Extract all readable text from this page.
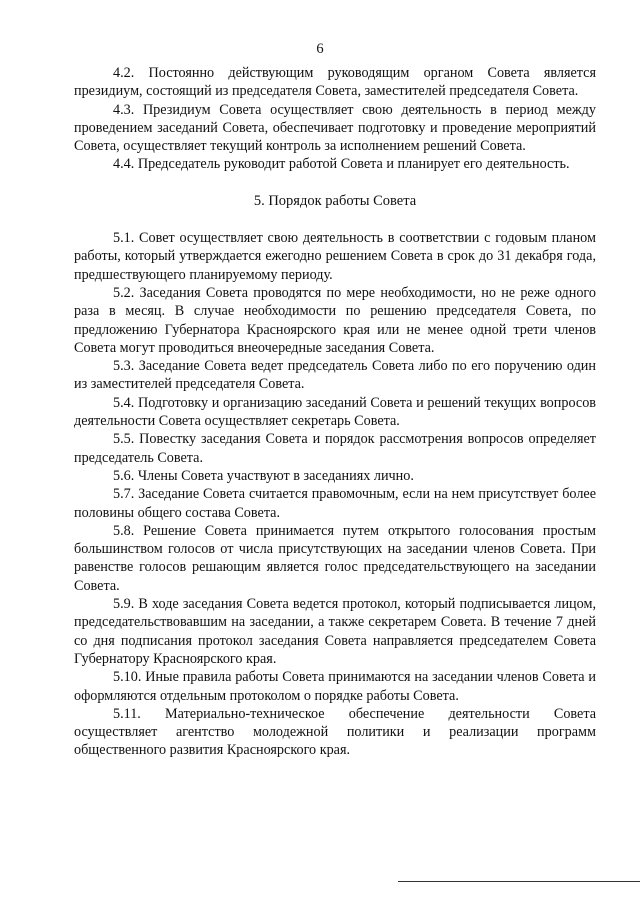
6

4.2. Постоянно действующим руководящим органом Совета является президиум, состоящий из председателя Совета, заместителей председателя Совета.

4.3. Президиум Совета осуществляет свою деятельность в период между проведением заседаний Совета, обеспечивает подготовку и проведение мероприятий Совета, осуществляет текущий контроль за исполнением решений Совета.

4.4. Председатель руководит работой Совета и планирует его деятельность.

5. Порядок работы Совета

5.1. Совет осуществляет свою деятельность в соответствии с годовым планом работы, который утверждается ежегодно решением Совета в срок до 31 декабря года, предшествующего планируемому периоду.

5.2. Заседания Совета проводятся по мере необходимости, но не реже одного раза в месяц. В случае необходимости по решению председателя Совета, по предложению Губернатора Красноярского края или не менее одной трети членов Совета могут проводиться внеочередные заседания Совета.

5.3. Заседание Совета ведет председатель Совета либо по его поручению один из заместителей председателя Совета.

5.4. Подготовку и организацию заседаний Совета и решений текущих вопросов деятельности Совета осуществляет секретарь Совета.

5.5. Повестку заседания Совета и порядок рассмотрения вопросов определяет председатель Совета.

5.6. Члены Совета участвуют в заседаниях лично.

5.7. Заседание Совета считается правомочным, если на нем присутствует более половины общего состава Совета.

5.8. Решение Совета принимается путем открытого голосования простым большинством голосов от числа присутствующих на заседании членов Совета. При равенстве голосов решающим является голос председательствующего на заседании Совета.

5.9. В ходе заседания Совета ведется протокол, который подписывается лицом, председательствовавшим на заседании, а также секретарем Совета. В течение 7 дней со дня подписания протокол заседания Совета направляется председателем Совета Губернатору Красноярского края.

5.10. Иные правила работы Совета принимаются на заседании членов Совета и оформляются отдельным протоколом о порядке работы Совета.

5.11. Материально-техническое обеспечение деятельности Совета осуществляет агентство молодежной политики и реализации программ общественного развития Красноярского края.
